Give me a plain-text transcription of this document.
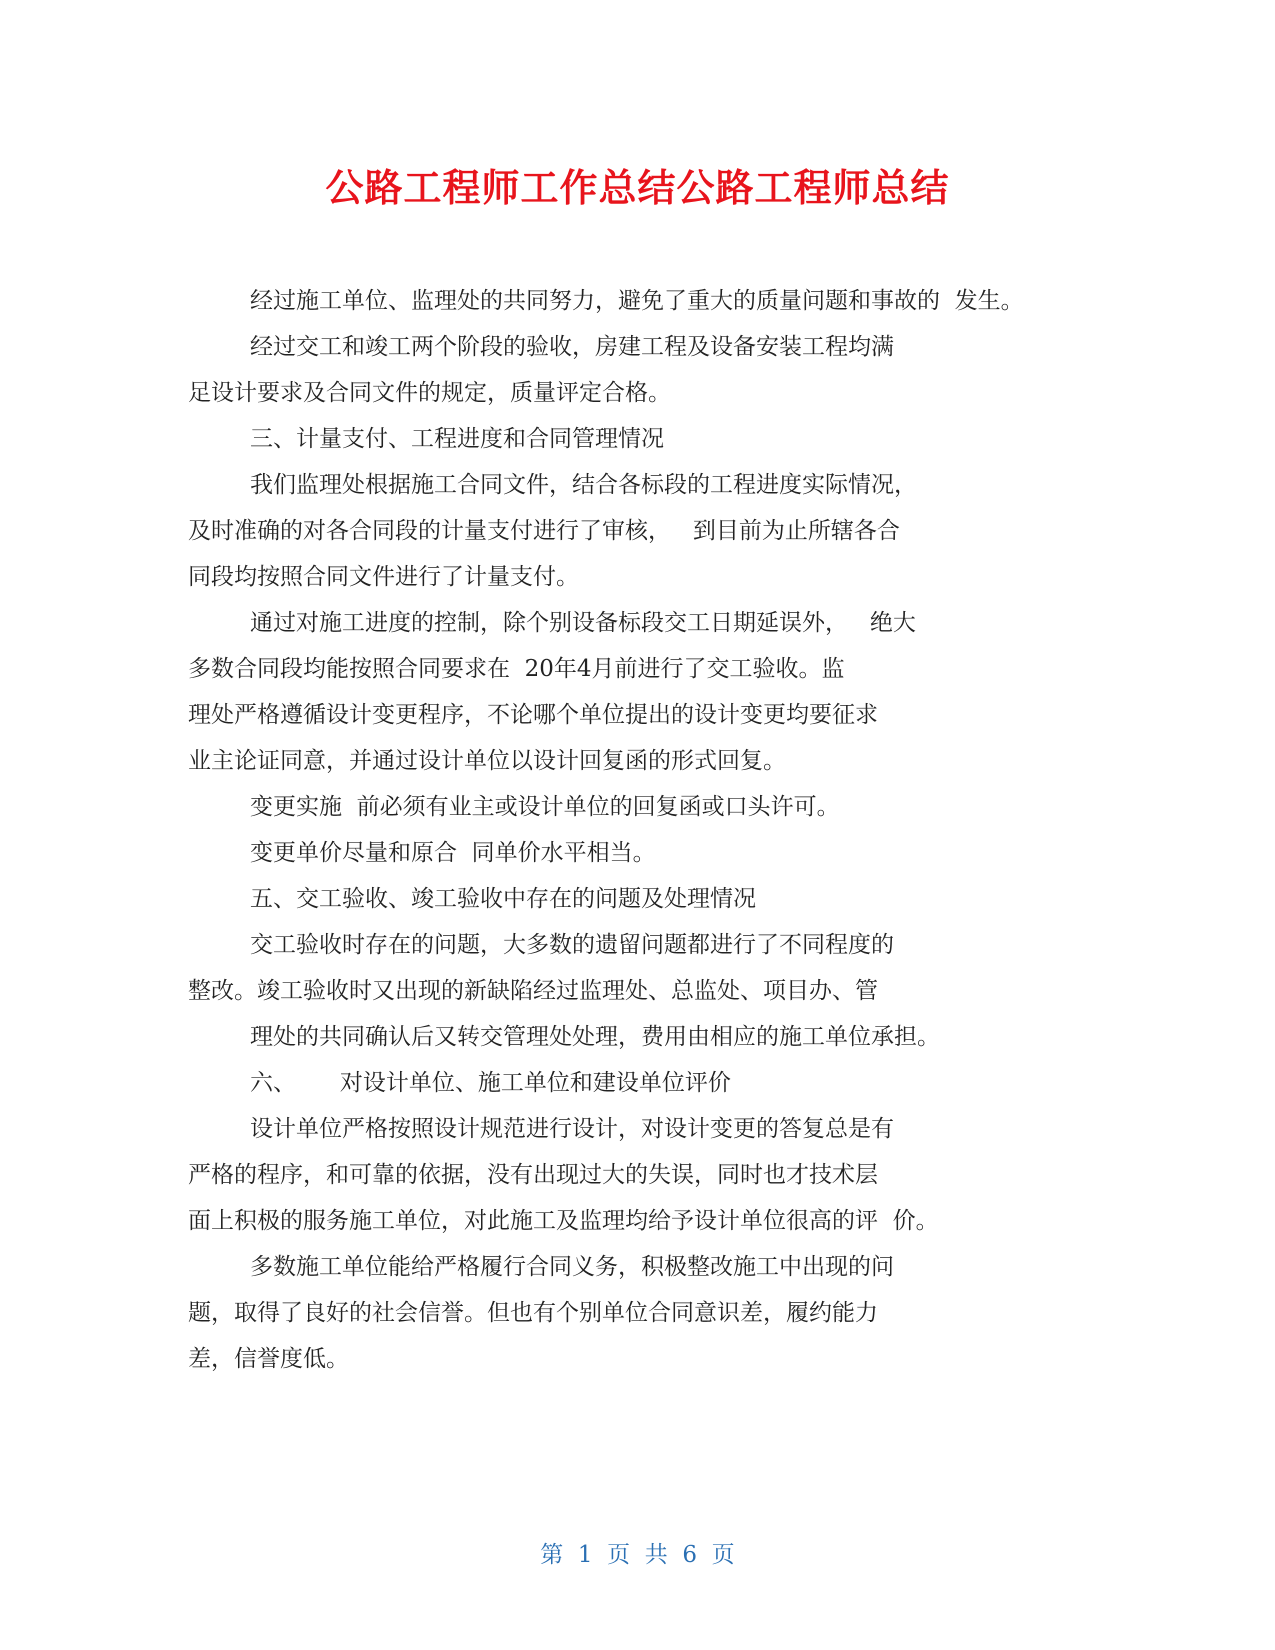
公路工程师工作总结公路工程师总结
经过施工单位、监理处的共同努力，避免了重大的质量问题和事故的  发生。
经过交工和竣工两个阶段的验收，房建工程及设备安装工程均满
足设计要求及合同文件的规定，质量评定合格。
三、计量支付、工程进度和合同管理情况
我们监理处根据施工合同文件，结合各标段的工程进度实际情况，
及时准确的对各合同段的计量支付进行了审核，   到目前为止所辖各合
同段均按照合同文件进行了计量支付。
通过对施工进度的控制，除个别设备标段交工日期延误外，   绝大
多数合同段均能按照合同要求在  20年4月前进行了交工验收。监
理处严格遵循设计变更程序，不论哪个单位提出的设计变更均要征求
业主论证同意，并通过设计单位以设计回复函的形式回复。
变更实施  前必须有业主或设计单位的回复函或口头许可。
变更单价尽量和原合  同单价水平相当。
五、交工验收、竣工验收中存在的问题及处理情况
交工验收时存在的问题，大多数的遗留问题都进行了不同程度的
整改。竣工验收时又出现的新缺陷经过监理处、总监处、项目办、管
理处的共同确认后又转交管理处处理，费用由相应的施工单位承担。
六、      对设计单位、施工单位和建设单位评价
设计单位严格按照设计规范进行设计，对设计变更的答复总是有
严格的程序，和可靠的依据，没有出现过大的失误，同时也才技术层
面上积极的服务施工单位，对此施工及监理均给予设计单位很高的评  价。
多数施工单位能给严格履行合同义务，积极整改施工中出现的问
题，取得了良好的社会信誉。但也有个别单位合同意识差，履约能力
差，信誉度低。
第  1  页  共  6  页
